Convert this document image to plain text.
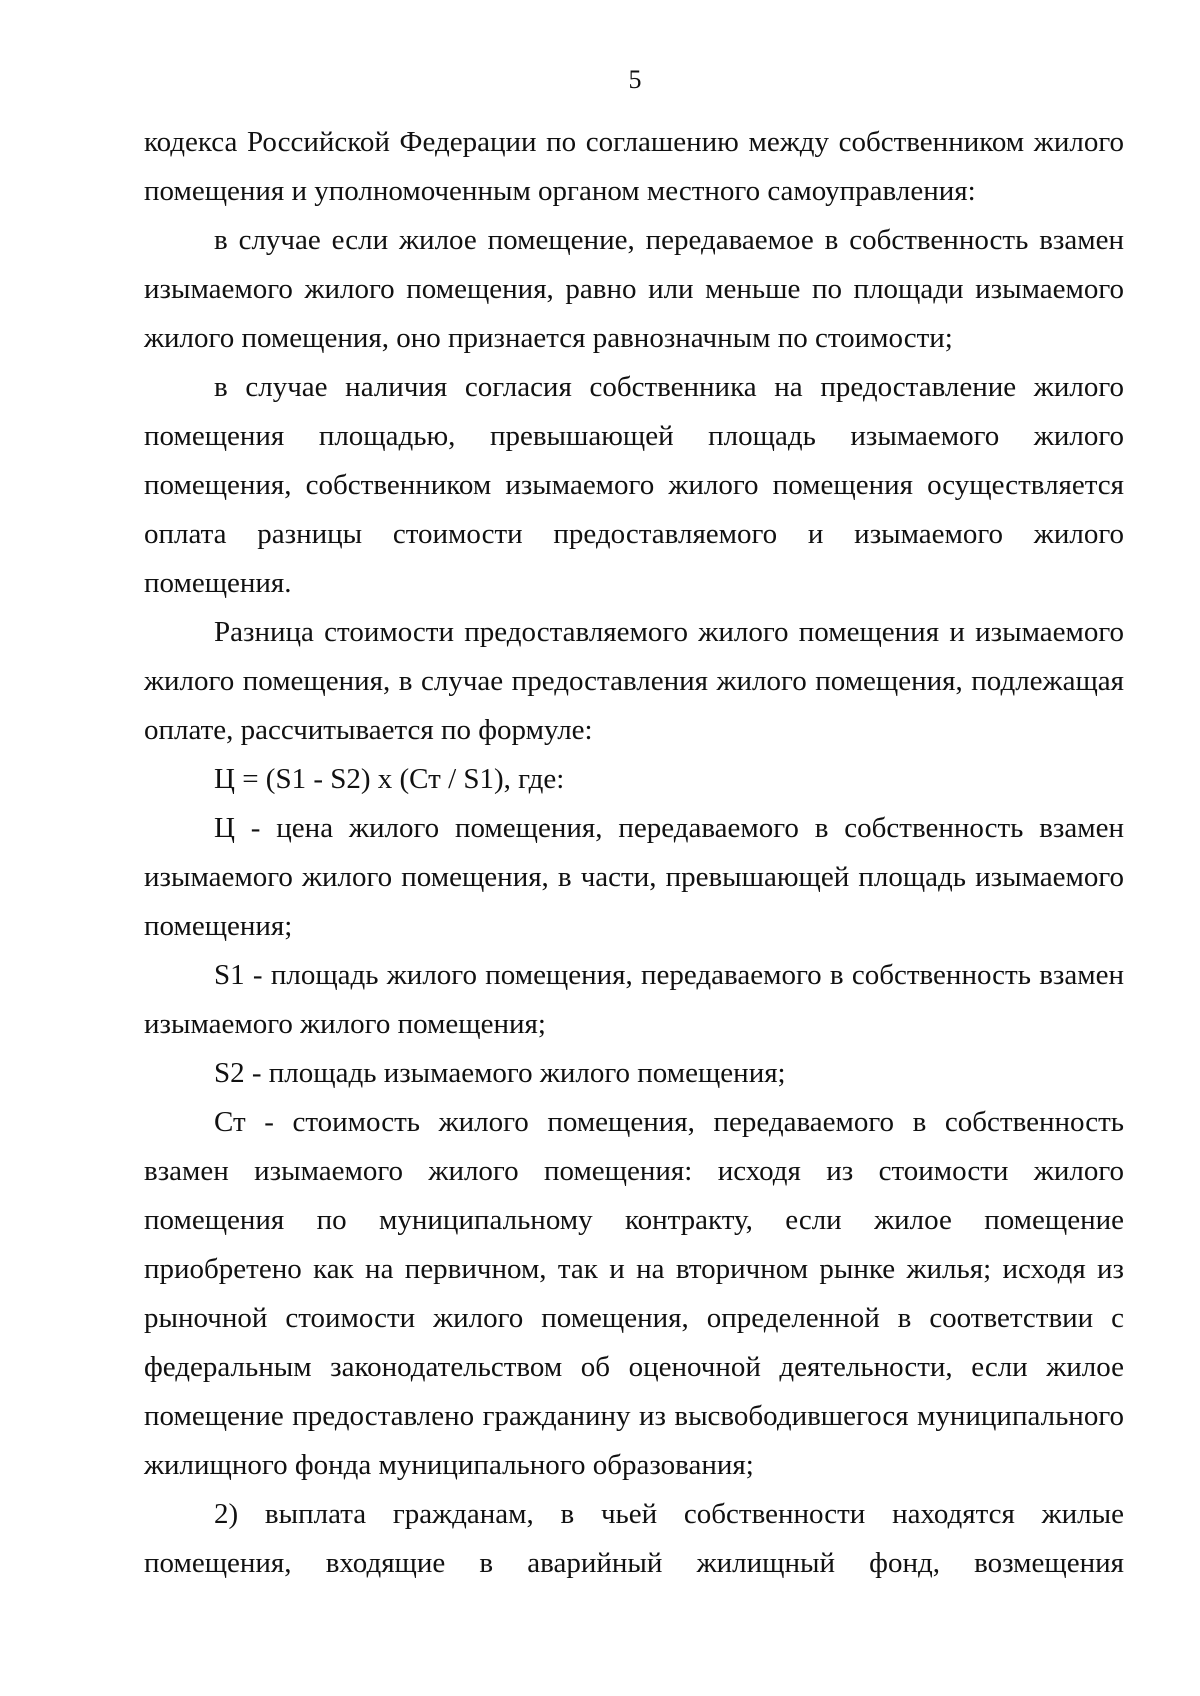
5

кодекса Российской Федерации по соглашению между собственником жилого помещения и уполномоченным органом местного самоуправления:

в случае если жилое помещение, передаваемое в собственность взамен изымаемого жилого помещения, равно или меньше по площади изымаемого жилого помещения, оно признается равнозначным по стоимости;

в случае наличия согласия собственника на предоставление жилого помещения площадью, превышающей площадь изымаемого жилого помещения, собственником изымаемого жилого помещения осуществляется оплата разницы стоимости предоставляемого и изымаемого жилого помещения.

Разница стоимости предоставляемого жилого помещения и изымаемого жилого помещения, в случае предоставления жилого помещения, подлежащая оплате, рассчитывается по формуле:

Ц = (S1 - S2) х (Ст / S1), где:

Ц - цена жилого помещения, передаваемого в собственность взамен изымаемого жилого помещения, в части, превышающей площадь изымаемого помещения;

S1 - площадь жилого помещения, передаваемого в собственность взамен изымаемого жилого помещения;

S2 - площадь изымаемого жилого помещения;

Ст - стоимость жилого помещения, передаваемого в собственность взамен изымаемого жилого помещения: исходя из стоимости жилого помещения по муниципальному контракту, если жилое помещение приобретено как на первичном, так и на вторичном рынке жилья; исходя из рыночной стоимости жилого помещения, определенной в соответствии с федеральным законодательством об оценочной деятельности, если жилое помещение предоставлено гражданину из высвободившегося муниципального жилищного фонда муниципального образования;

2) выплата гражданам, в чьей собственности находятся жилые помещения, входящие в аварийный жилищный фонд, возмещения
